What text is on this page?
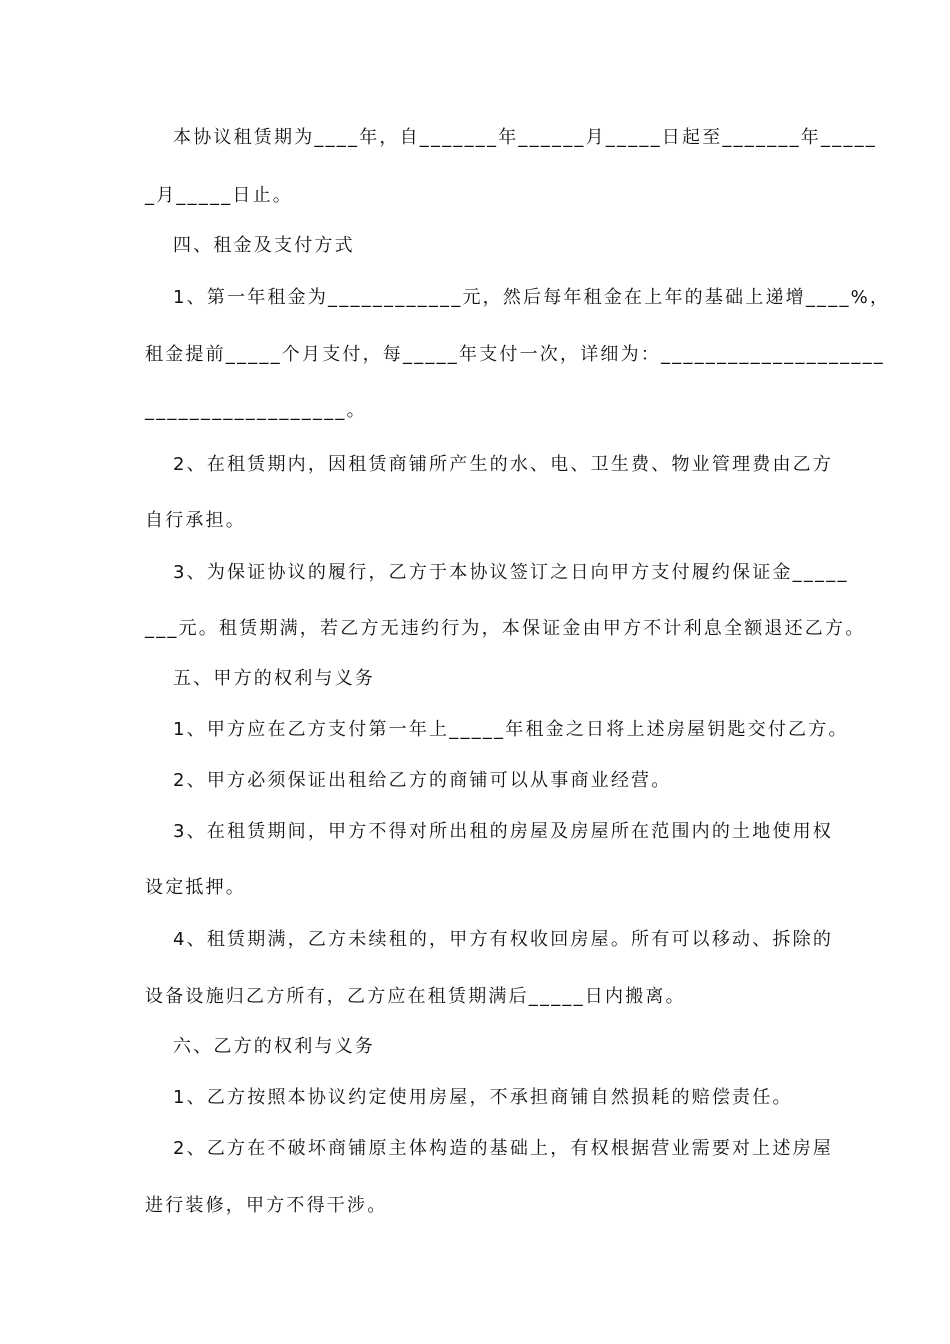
本协议租赁期为____年，自_______年______月_____日起至_______年_____
_月_____日止。
四、租金及支付方式
1、第一年租金为____________元，然后每年租金在上年的基础上递增____%，
租金提前_____个月支付，每_____年支付一次，详细为：____________________
__________________。
2、在租赁期内，因租赁商铺所产生的水、电、卫生费、物业管理费由乙方
自行承担。
3、为保证协议的履行，乙方于本协议签订之日向甲方支付履约保证金_____
___元。租赁期满，若乙方无违约行为，本保证金由甲方不计利息全额退还乙方。
五、甲方的权利与义务
1、甲方应在乙方支付第一年上_____年租金之日将上述房屋钥匙交付乙方。
2、甲方必须保证出租给乙方的商铺可以从事商业经营。
3、在租赁期间，甲方不得对所出租的房屋及房屋所在范围内的土地使用权
设定抵押。
4、租赁期满，乙方未续租的，甲方有权收回房屋。所有可以移动、拆除的
设备设施归乙方所有，乙方应在租赁期满后_____日内搬离。
六、乙方的权利与义务
1、乙方按照本协议约定使用房屋，不承担商铺自然损耗的赔偿责任。
2、乙方在不破坏商铺原主体构造的基础上，有权根据营业需要对上述房屋
进行装修，甲方不得干涉。
